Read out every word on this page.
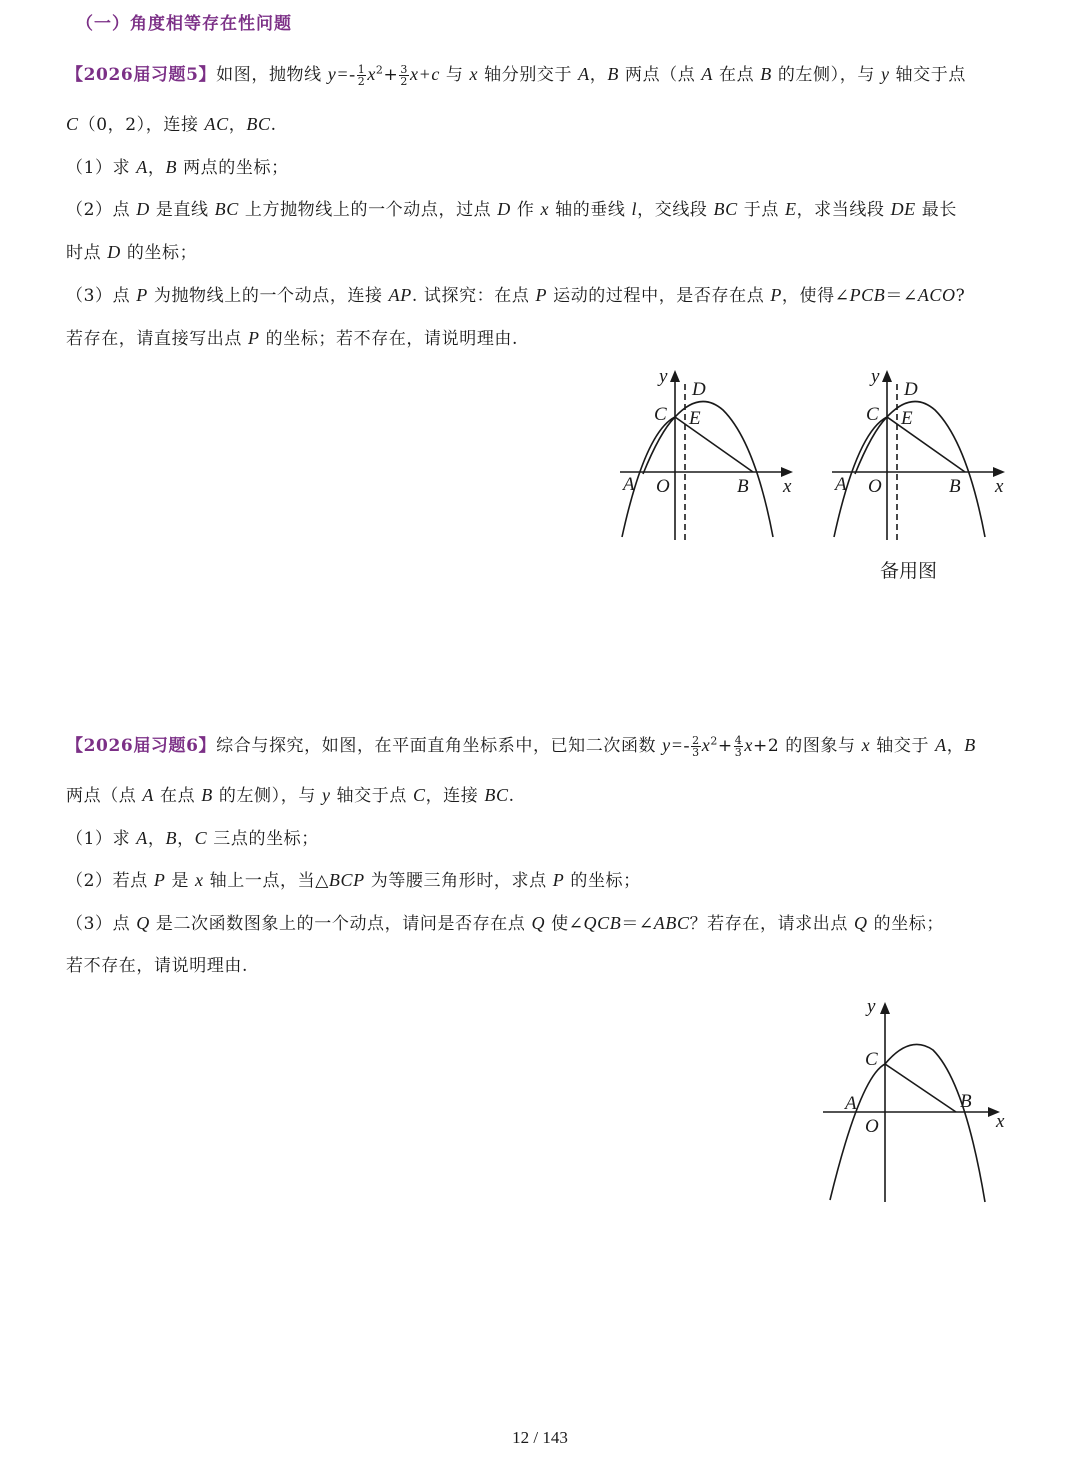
（一）角度相等存在性问题
【2026届习题5】如图，抛物线 $y=- \frac{1}{2} x^2+ \frac{3}{2} x+c$ 与 x 轴分别交于 A，B 两点（点 A 在点 B 的左侧），与 y 轴交于点
C（0，2），连接 AC，BC.
（1）求 A，B 两点的坐标；
（2）点 D 是直线 BC 上方抛物线上的一个动点，过点 D 作 x 轴的垂线 l，交线段 BC 于点 E，求当线段 DE 最长
时点 D 的坐标；
（3）点 P 为抛物线上的一个动点，连接 AP. 试探究：在点 P 运动的过程中，是否存在点 P，使得∠PCB＝∠ACO?
若存在，请直接写出点 P 的坐标；若不存在，请说明理由.
y
D
C E
A O	B x
y
D
C E
A O	B x
备用图
【2026届习题6】综合与探究，如图，在平面直角坐标系中，已知二次函数 $y=- \frac{2}{3} x^2+ \frac{4}{3} x+2$ 的图象与 x 轴交于 A，B
两点（点 A 在点 B 的左侧），与 y 轴交于点 C，连接 BC.
（1）求 A，B，C 三点的坐标；
（2）若点 P 是 x 轴上一点，当△BCP 为等腰三角形时，求点 P 的坐标；
（3）点 Q 是二次函数图象上的一个动点，请问是否存在点 Q 使∠QCB＝∠ABC？若存在，请求出点 Q 的坐标；
若不存在，请说明理由.
y
C
A	B
O	x
12 / 143
